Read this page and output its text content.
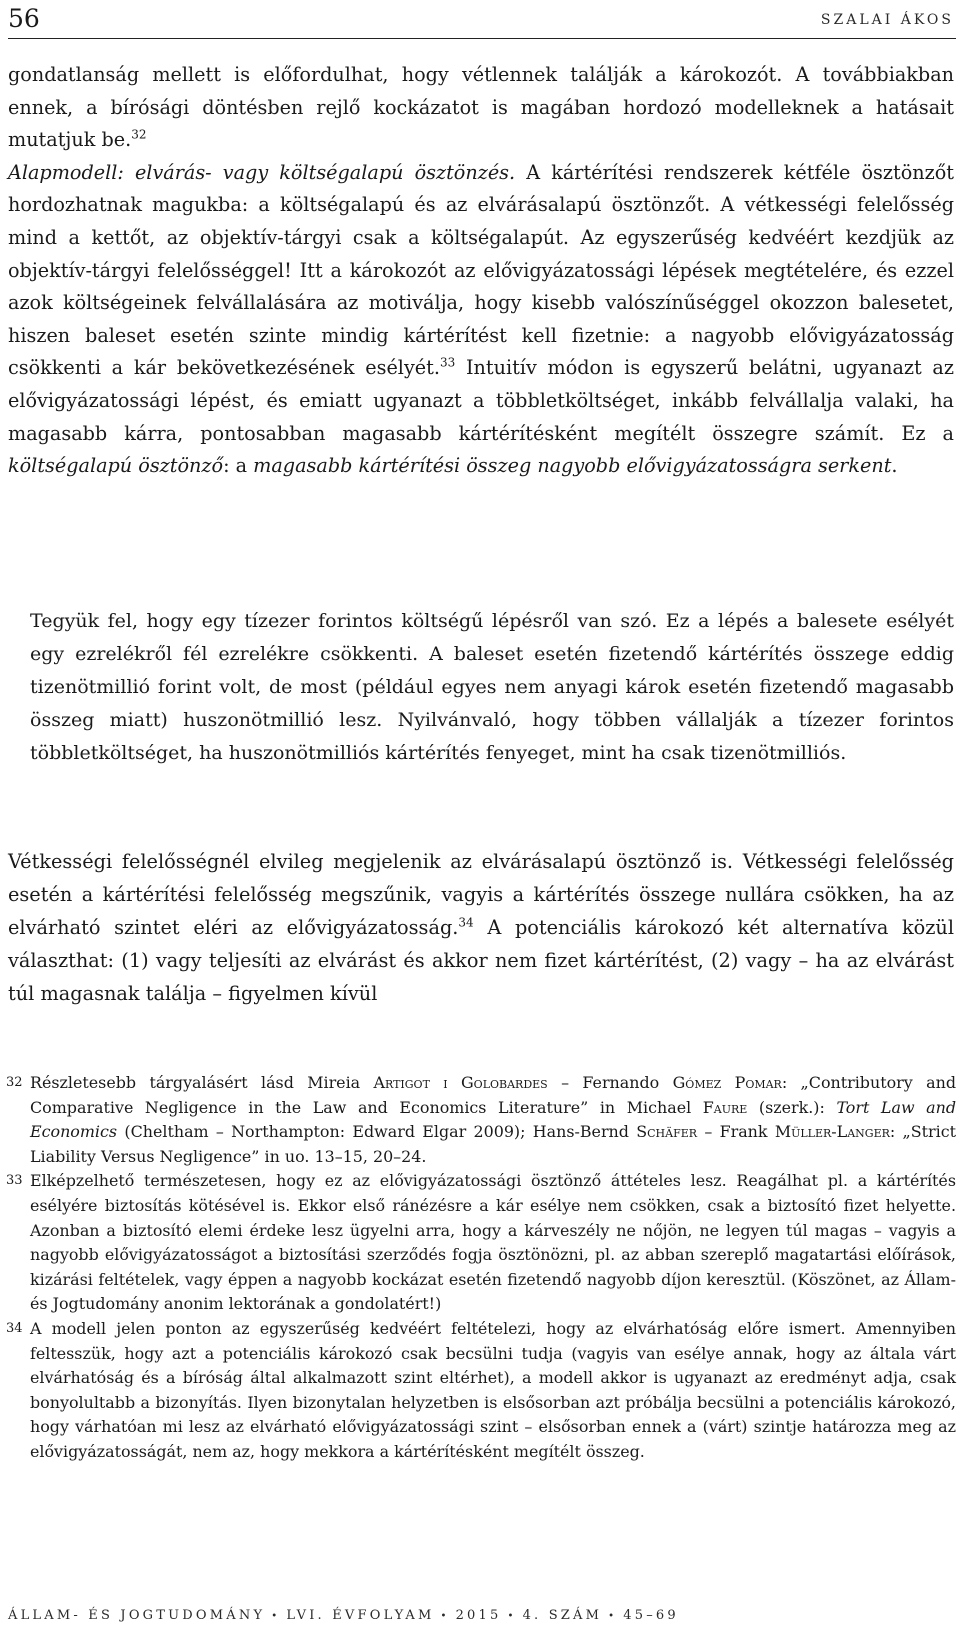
56	SZALAI ÁKOS

gondatlanság mellett is előfordulhat, hogy vétlennek találják a károkozót. A továbbiakban ennek, a bírósági döntésben rejlő kockázatot is magában hordozó modelleknek a hatásait mutatjuk be.$^{32}$
Alapmodell: elvárás- vagy költségalapú ösztönzés. A kártérítési rendszerek kétféle ösztönzőt hordozhatnak magukba: a költségalapú és az elvárásalapú ösztönzőt. A vétkességi felelősség mind a kettőt, az objektív-tárgyi csak a költségalapút. Az egyszerűség kedvéért kezdjük az objektív-tárgyi felelősséggel! Itt a károkozót az elővigyázatossági lépések megtételére, és ezzel azok költségeinek felvállalására az motiválja, hogy kisebb valószínűséggel okozzon balesetet, hiszen baleset esetén szinte mindig kártérítést kell fizetnie: a nagyobb elővigyázatosság csökkenti a kár bekövetkezésének esélyét.$^{33}$ Intuitív módon is egyszerű belátni, ugyanazt az elővigyázatossági lépést, és emiatt ugyanazt a többletköltséget, inkább felvállalja valaki, ha magasabb kárra, pontosabban magasabb kártérítésként megítélt összegre számít. Ez a költségalapú ösztönző: a magasabb kártérítési összeg nagyobb elővigyázatosságra serkent.

Tegyük fel, hogy egy tízezer forintos költségű lépésről van szó. Ez a lépés a balesete esélyét egy ezrelékről fél ezrelékre csökkenti. A baleset esetén fizetendő kártérítés összege eddig tizenötmillió forint volt, de most (például egyes nem anyagi károk esetén fizetendő magasabb összeg miatt) huszonötmillió lesz. Nyilvánvaló, hogy többen vállalják a tízezer forintos többletköltséget, ha huszonötmilliós kártérítés fenyeget, mint ha csak tizenötmilliós.

Vétkességi felelősségnél elvileg megjelenik az elvárásalapú ösztönző is. Vétkességi felelősség esetén a kártérítési felelősség megszűnik, vagyis a kártérítés összege nullára csökken, ha az elvárható szintet eléri az elővigyázatosság.$^{34}$ A potenciális károkozó két alternatíva közül választhat: (1) vagy teljesíti az elvárást és akkor nem fizet kártérítést, (2) vagy – ha az elvárást túl magasnak találja – figyelmen kívül

32 Részletesebb tárgyalásért lásd Mireia Artigot i Golobardes – Fernando Gómez Pomar: „Contributory and Comparative Negligence in the Law and Economics Literature” in Michael Faure (szerk.): Tort Law and Economics (Cheltham – Northampton: Edward Elgar 2009); Hans-Bernd Schäfer – Frank Müller-Langer: „Strict Liability Versus Negligence” in uo. 13–15, 20–24.

33 Elképzelhető természetesen, hogy ez az elővigyázatossági ösztönző áttételes lesz. Reagálhat pl. a kártérítés esélyére biztosítás kötésével is. Ekkor első ránézésre a kár esélye nem csökken, csak a biztosító fizet helyette. Azonban a biztosító elemi érdeke lesz ügyelni arra, hogy a kárveszély ne nőjön, ne legyen túl magas – vagyis a nagyobb elővigyázatosságot a biztosítási szerződés fogja ösztönözni, pl. az abban szereplő magatartási előírások, kizárási feltételek, vagy éppen a nagyobb kockázat esetén fizetendő nagyobb díjon keresztül. (Köszönet, az Állam- és Jogtudomány anonim lektorának a gondolatért!)

34 A modell jelen ponton az egyszerűség kedvéért feltételezi, hogy az elvárhatóság előre ismert. Amennyiben feltesszük, hogy azt a potenciális károkozó csak becsülni tudja (vagyis van esélye annak, hogy az általa várt elvárhatóság és a bíróság által alkalmazott szint eltérhet), a modell akkor is ugyanazt az eredményt adja, csak bonyolultabb a bizonyítás. Ilyen bizonytalan helyzetben is elsősorban azt próbálja becsülni a potenciális károkozó, hogy várhatóan mi lesz az elvárható elővigyázatossági szint – elsősorban ennek a (várt) szintje határozza meg az elővigyázatosságát, nem az, hogy mekkora a kártérítésként megítélt összeg.

ÁLLAM- ÉS JOGTUDOMÁNY • LVI. ÉVFOLYAM • 2015 • 4. SZÁM • 45–69
